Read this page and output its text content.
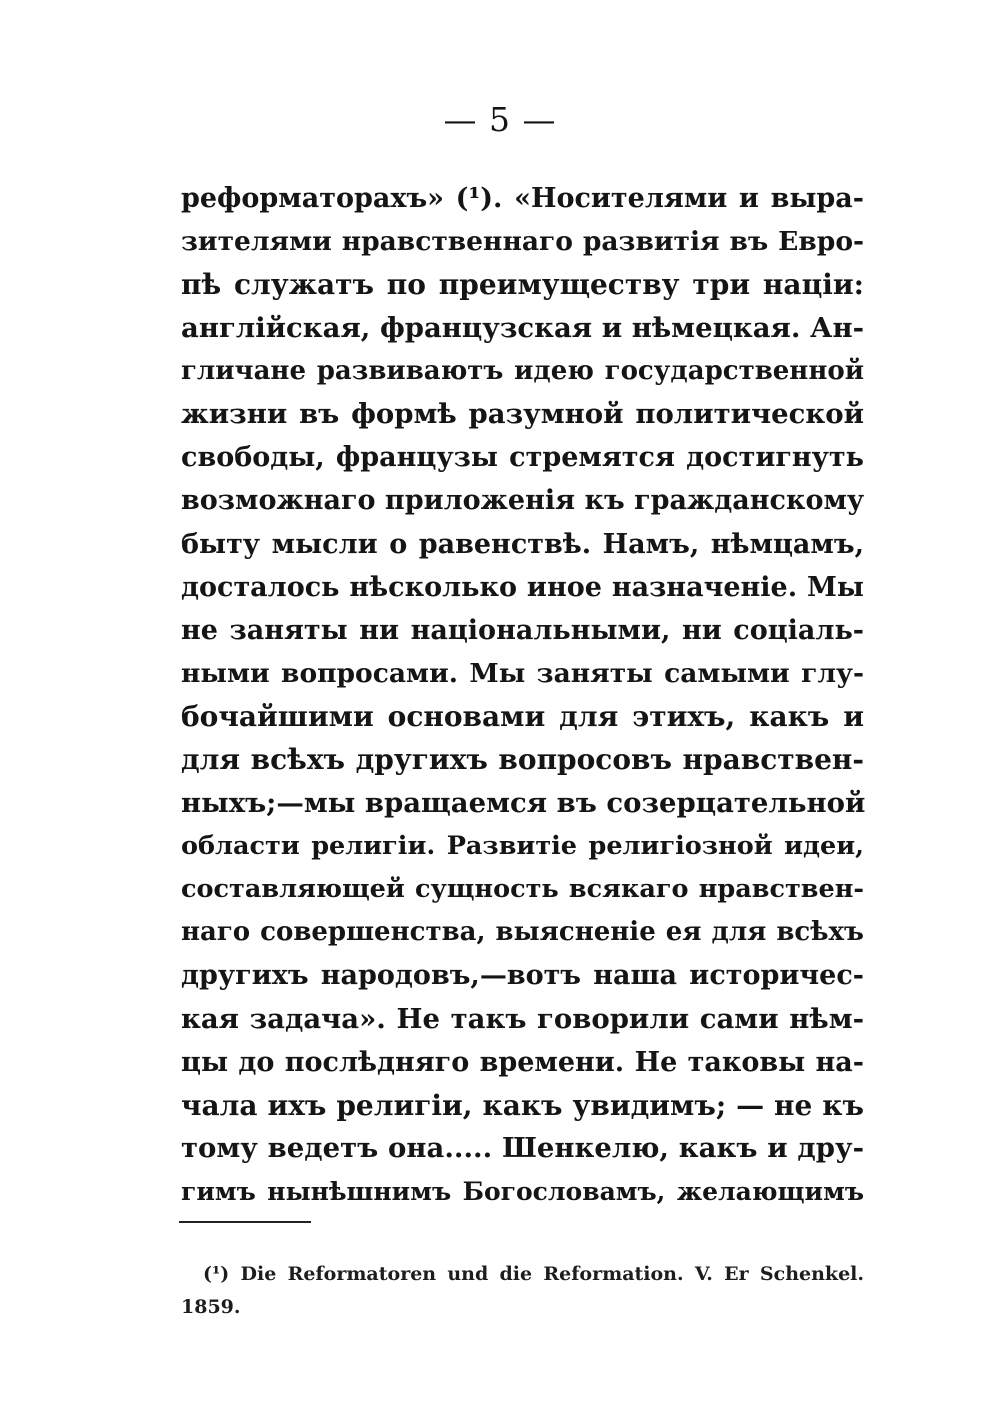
— 5 —
реформаторахъ» (¹). «Носителями и выра-
зителями нравственнаго развитія въ Евро-
пѣ служатъ по преимуществу три націи:
англійская, французская и нѣмецкая. Ан-
гличане развиваютъ идею государственной
жизни въ формѣ разумной политической
свободы, французы стремятся достигнуть
возможнаго приложенія къ гражданскому
быту мысли о равенствѣ. Намъ, нѣмцамъ,
досталось нѣсколько иное назначеніе. Мы
не заняты ни національными, ни соціаль-
ными вопросами. Мы заняты самыми глу-
бочайшими основами для этихъ, какъ и
для всѣхъ другихъ вопросовъ нравствен-
ныхъ;—мы вращаемся въ созерцательной
области религіи. Развитіе религіозной идеи,
составляющей сущность всякаго нравствен-
наго совершенства, выясненіе ея для всѣхъ
другихъ народовъ,—вотъ наша историчес-
кая задача». Не такъ говорили сами нѣм-
цы до послѣдняго времени. Не таковы на-
чала ихъ религіи, какъ увидимъ; — не къ
тому ведетъ она..... Шенкелю, какъ и дру-
гимъ нынѣшнимъ Богословамъ, желающимъ
(¹) Die Reformatoren und die Reformation. V. Er Schenkel.
1859.
